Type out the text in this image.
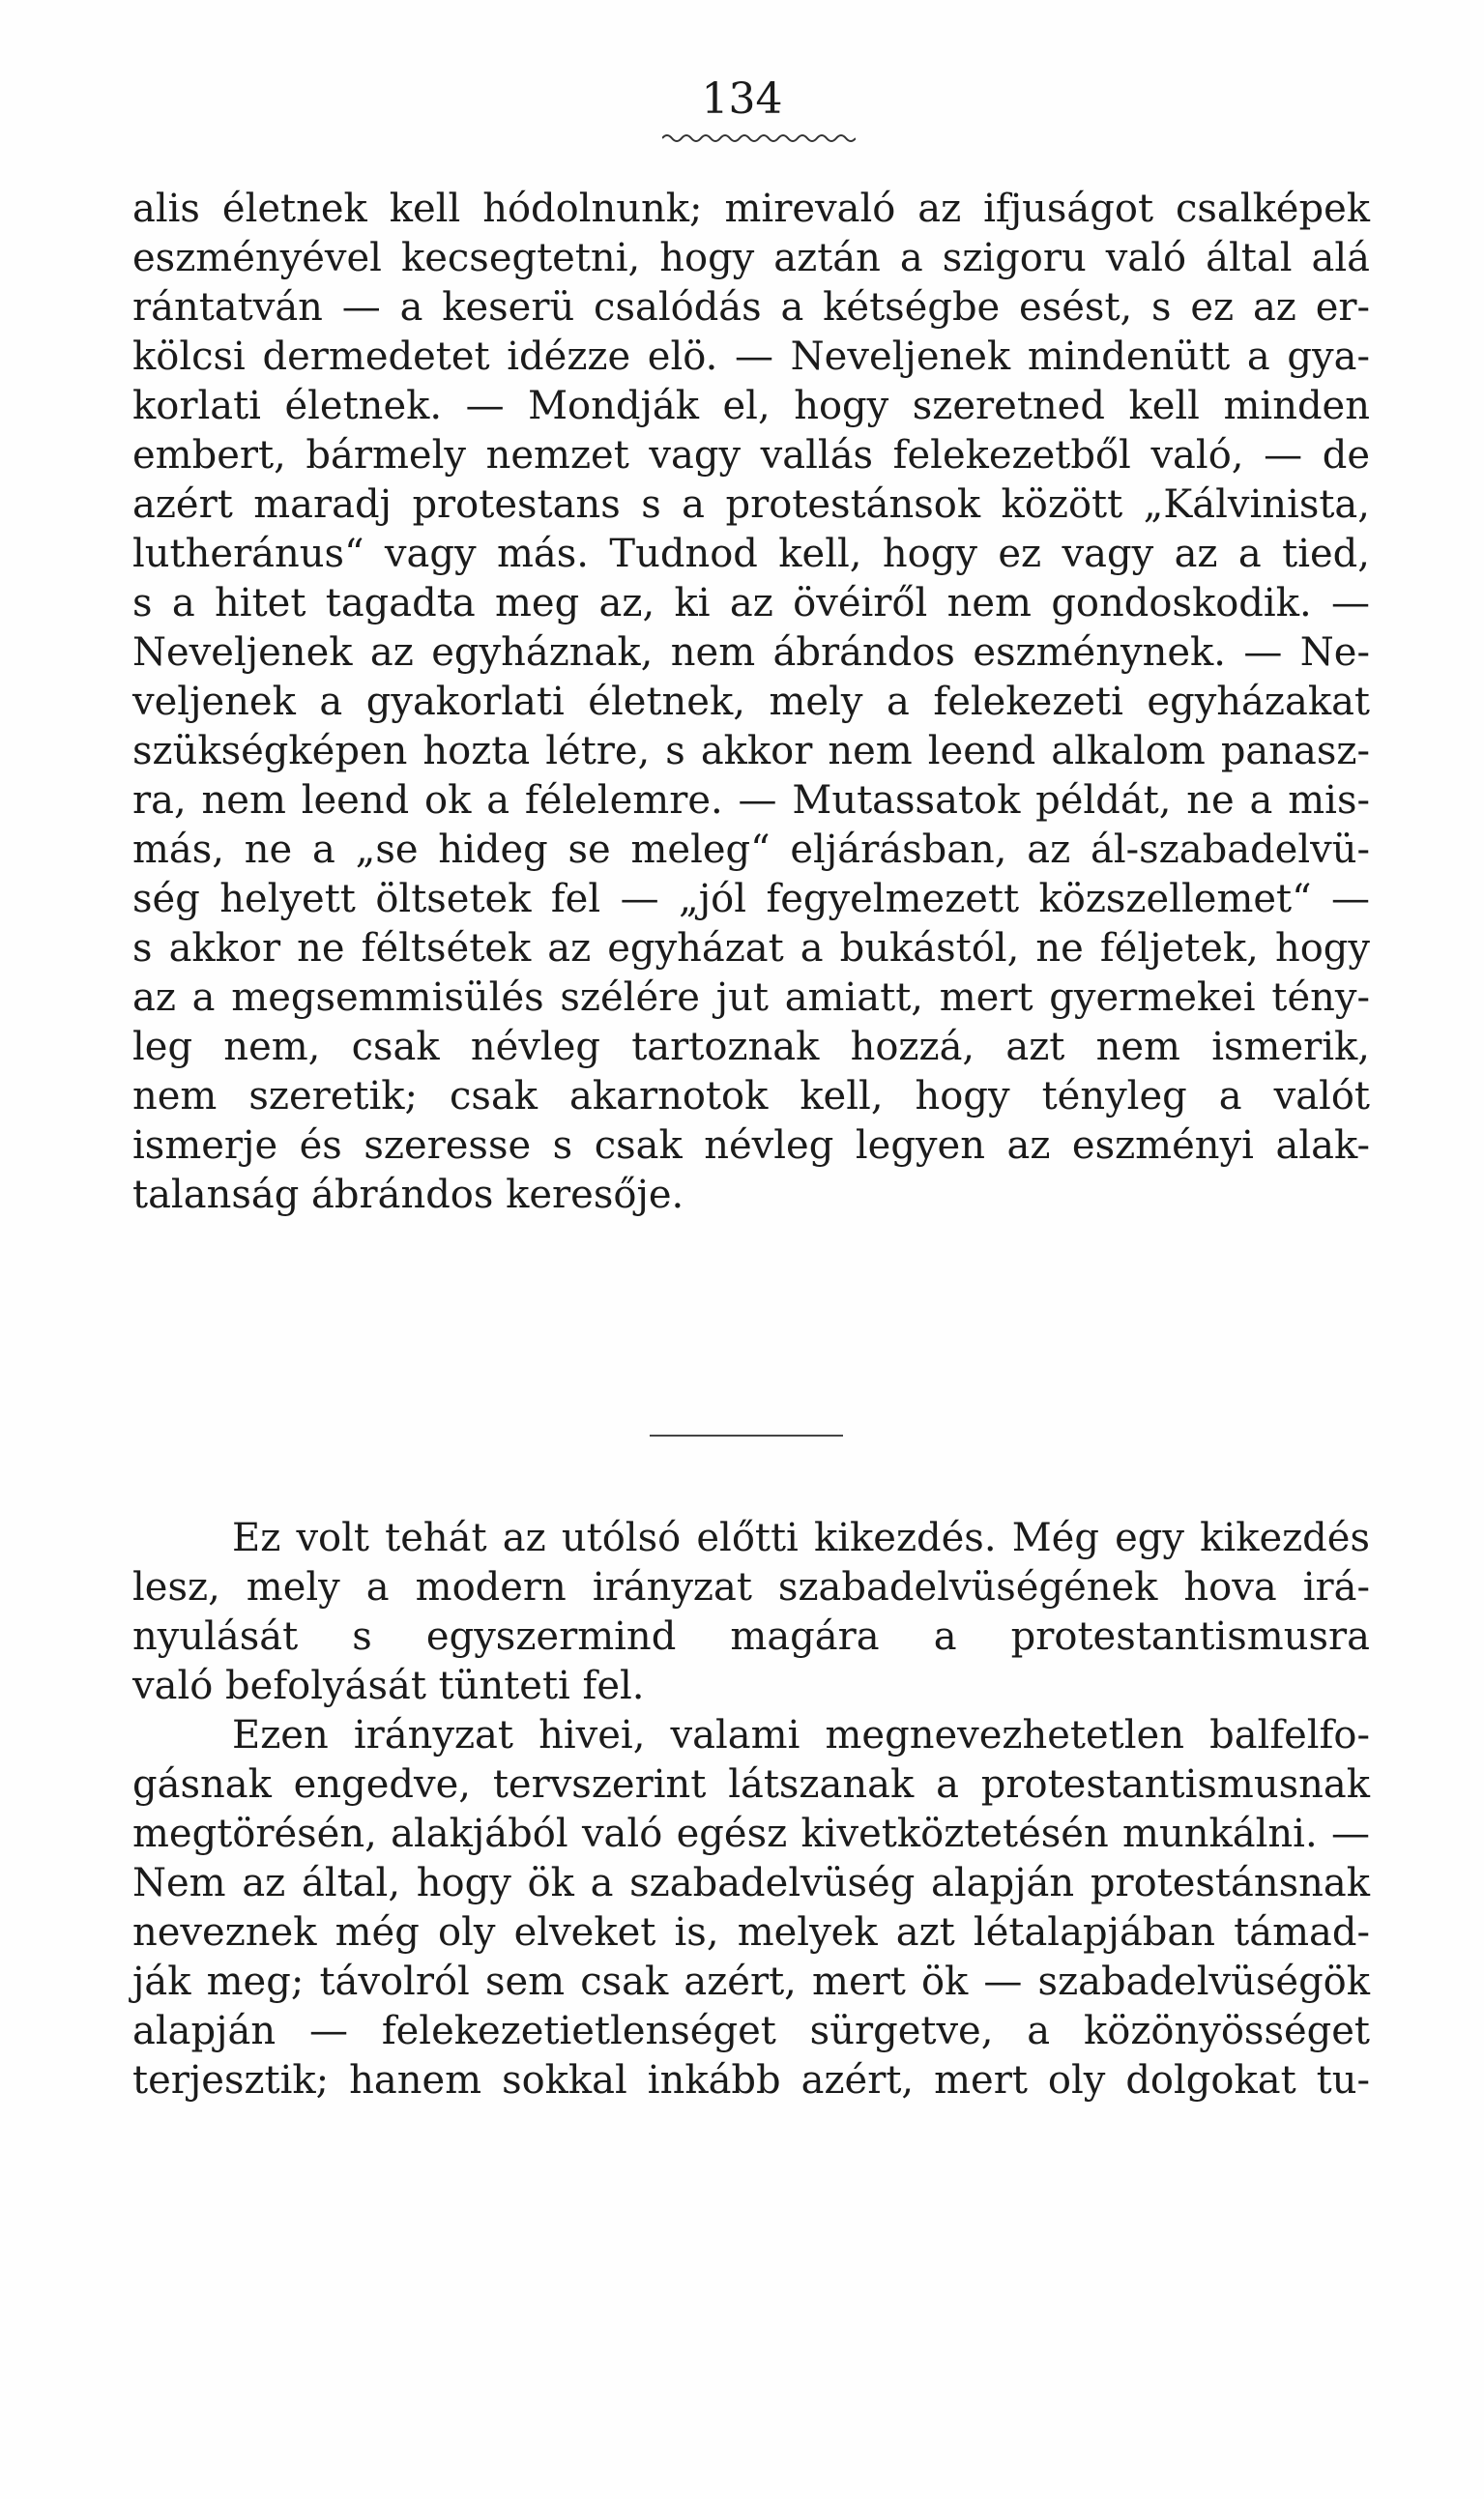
134
alis életnek kell hódolnunk; mirevaló az ifjuságot csalképek
eszményével kecsegtetni, hogy aztán a szigoru való által alá
rántatván — a keserü csalódás a kétségbe esést, s ez az er-
kölcsi dermedetet idézze elö. — Neveljenek mindenütt a gya-
korlati életnek. — Mondják el, hogy szeretned kell minden
embert, bármely nemzet vagy vallás felekezetből való, — de
azért maradj protestans s a protestánsok között „Kálvinista,
lutheránus“ vagy más. Tudnod kell, hogy ez vagy az a tied,
s a hitet tagadta meg az, ki az övéiről nem gondoskodik. —
Neveljenek az egyháznak, nem ábrándos eszménynek. — Ne-
veljenek a gyakorlati életnek, mely a felekezeti egyházakat
szükségképen hozta létre, s akkor nem leend alkalom panasz-
ra, nem leend ok a félelemre. — Mutassatok példát, ne a mis-
más, ne a „se hideg se meleg“ eljárásban, az ál-szabadelvü-
ség helyett öltsetek fel — „jól fegyelmezett közszellemet“ —
s akkor ne féltsétek az egyházat a bukástól, ne féljetek, hogy
az a megsemmisülés szélére jut amiatt, mert gyermekei tény-
leg nem, csak névleg tartoznak hozzá, azt nem ismerik,
nem szeretik; csak akarnotok kell, hogy tényleg a valót
ismerje és szeresse s csak névleg legyen az eszményi alak-
talanság ábrándos keresője.
Ez volt tehát az utólsó előtti kikezdés. Még egy kikezdés
lesz, mely a modern irányzat szabadelvüségének hova irá-
nyulását s egyszermind magára a protestantismusra
való befolyását tünteti fel.
Ezen irányzat hivei, valami megnevezhetetlen balfelfo-
gásnak engedve, tervszerint látszanak a protestantismusnak
megtörésén, alakjából való egész kivetköztetésén munkálni. —
Nem az által, hogy ök a szabadelvüség alapján protestánsnak
neveznek még oly elveket is, melyek azt létalapjában támad-
ják meg; távolról sem csak azért, mert ök — szabadelvüségök
alapján — felekezetietlenséget sürgetve, a közönyösséget
terjesztik; hanem sokkal inkább azért, mert oly dolgokat tu-
